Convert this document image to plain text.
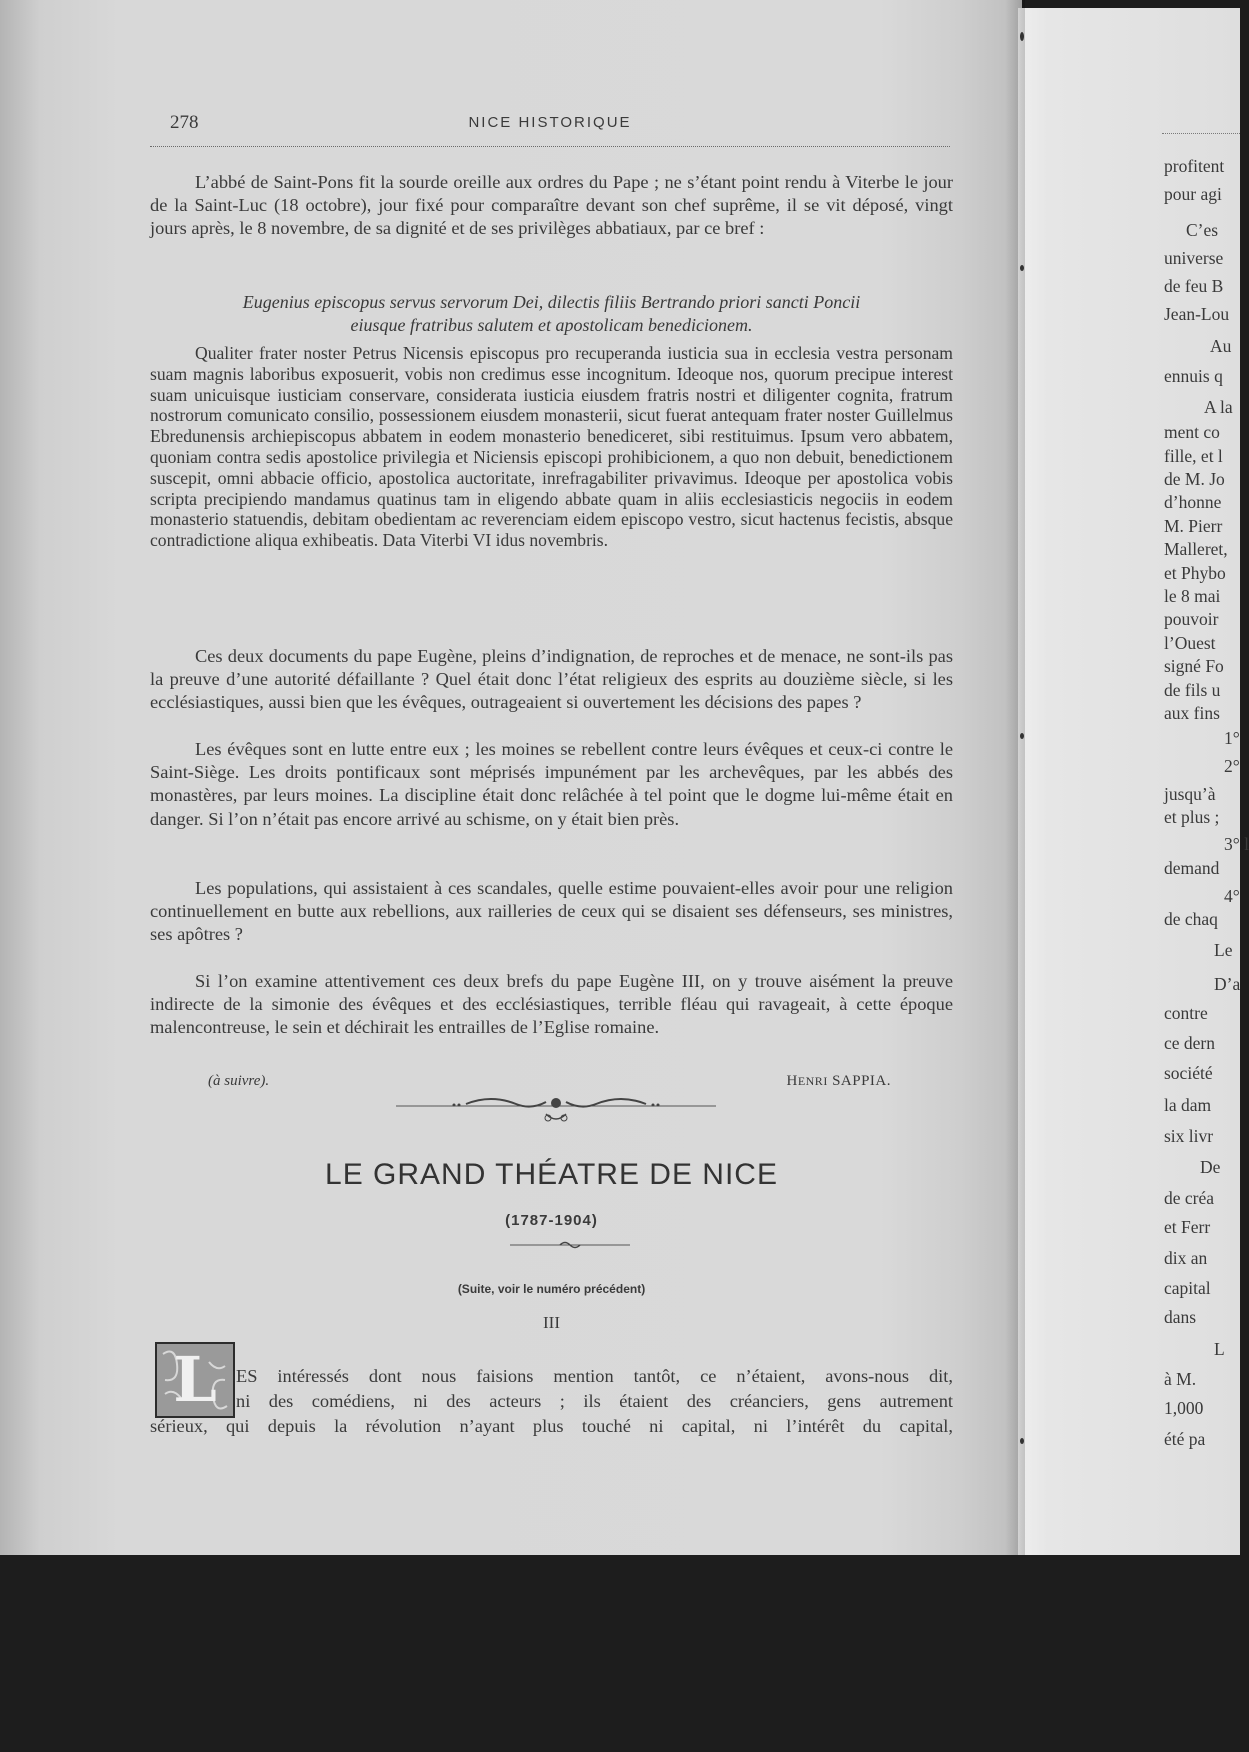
278	NICE HISTORIQUE

L’abbé de Saint-Pons fit la sourde oreille aux ordres du Pape ; ne s’étant point rendu à Viterbe le jour de la Saint-Luc (18 octobre), jour fixé pour comparaître devant son chef suprême, il se vit déposé, vingt jours après, le 8 novembre, de sa dignité et de ses privilèges abbatiaux, par ce bref :

Eugenius episcopus servus servorum Dei, dilectis filiis Bertrando priori sancti Poncii
eiusque fratribus salutem et apostolicam benedicionem.

Qualiter frater noster Petrus Nicensis episcopus pro recuperanda iusticia sua in ecclesia vestra personam suam magnis laboribus exposuerit, vobis non credimus esse incognitum. Ideoque nos, quorum precipue interest suam unicuisque iusticiam conservare, considerata iusticia eiusdem fratris nostri et diligenter cognita, fratrum nostrorum comunicato consilio, possessionem eiusdem monasterii, sicut fuerat antequam frater noster Guillelmus Ebredunensis archiepiscopus abbatem in eodem monasterio benediceret, sibi restituimus. Ipsum vero abbatem, quoniam contra sedis apostolice privilegia et Niciensis episcopi prohibicionem, a quo non debuit, benedictionem suscepit, omni abbacie officio, apostolica auctoritate, inrefragabiliter privavimus. Ideoque per apostolica vobis scripta precipiendo mandamus quatinus tam in eligendo abbate quam in aliis ecclesiasticis negociis in eodem monasterio statuendis, debitam obedientam ac reverenciam eidem episcopo vestro, sicut hactenus fecistis, absque contradictione aliqua exhibeatis. Data Viterbi VI idus novembris.

Ces deux documents du pape Eugène, pleins d’indignation, de reproches et de menace, ne sont-ils pas la preuve d’une autorité défaillante ? Quel était donc l’état religieux des esprits au douzième siècle, si les ecclésiastiques, aussi bien que les évêques, outrageaient si ouvertement les décisions des papes ?

Les évêques sont en lutte entre eux ; les moines se rebellent contre leurs évêques et ceux-ci contre le Saint-Siège. Les droits pontificaux sont méprisés impunément par les archevêques, par les abbés des monastères, par leurs moines. La discipline était donc relâchée à tel point que le dogme lui-même était en danger. Si l’on n’était pas encore arrivé au schisme, on y était bien près.

Les populations, qui assistaient à ces scandales, quelle estime pouvaient-elles avoir pour une religion continuellement en butte aux rebellions, aux railleries de ceux qui se disaient ses défenseurs, ses ministres, ses apôtres ?

Si l’on examine attentivement ces deux brefs du pape Eugène III, on y trouve aisément la preuve indirecte de la simonie des évêques et des ecclésiastiques, terrible fléau qui ravageait, à cette époque malencontreuse, le sein et déchirait les entrailles de l’Eglise romaine.

(à suivre).	HENRI SAPPIA.
LE GRAND THÉATRE DE NICE
(1787-1904)
(Suite, voir le numéro précédent)
III
L	ES intéressés dont nous faisions mention tantôt, ce n’étaient, avons-nous dit,
ni des comédiens, ni des acteurs ; ils étaient des créanciers, gens autrement
sérieux, qui depuis la révolution n’ayant plus touché ni capital, ni l’intérêt du capital,
profitent
pour agi
C’es
universe
de feu B
Jean-Lou
Au
ennuis q
A la
ment co
fille, et l
de M. Jo
d’honne
M. Pierr
Malleret,
et Phybo
le 8 mai
pouvoir
l’Ouest
signé Fo
de fils u
aux fins
1°
2°
jusqu’à
et plus ;
3° l
demand
4°
de chaq
Le
D’a
contre
ce dern
société
la dam
six livr
De
de créa
et Ferr
dix an
capital
dans
L
à M.
1,000
été pa
